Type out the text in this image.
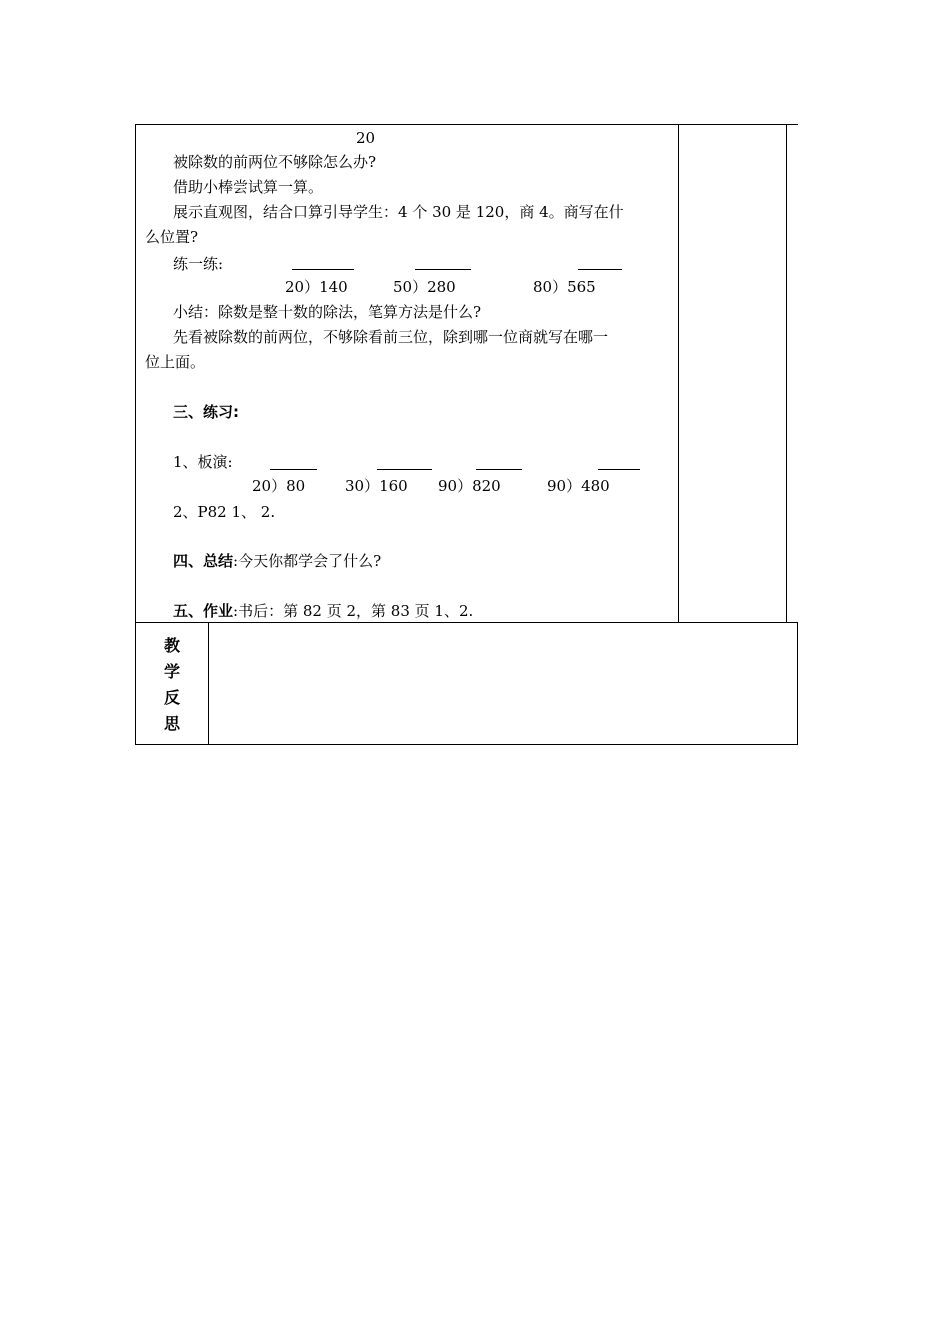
20
被除数的前两位不够除怎么办?
借助小棒尝试算一算。
展示直观图，结合口算引导学生：4 个 30 是 120，商 4。商写在什
么位置?
练一练:
20）140	50）280	80）565
小结：除数是整十数的除法，笔算方法是什么?
先看被除数的前两位，不够除看前三位，除到哪一位商就写在哪一
位上面。
三、练习:
1、板演:
20）80	30）160 90）820	90）480
2、P82 1、 2.
四、总结:今天你都学会了什么?
五、作业:书后：第 82 页 2，第 83 页 1、2.
教
学
反
思
